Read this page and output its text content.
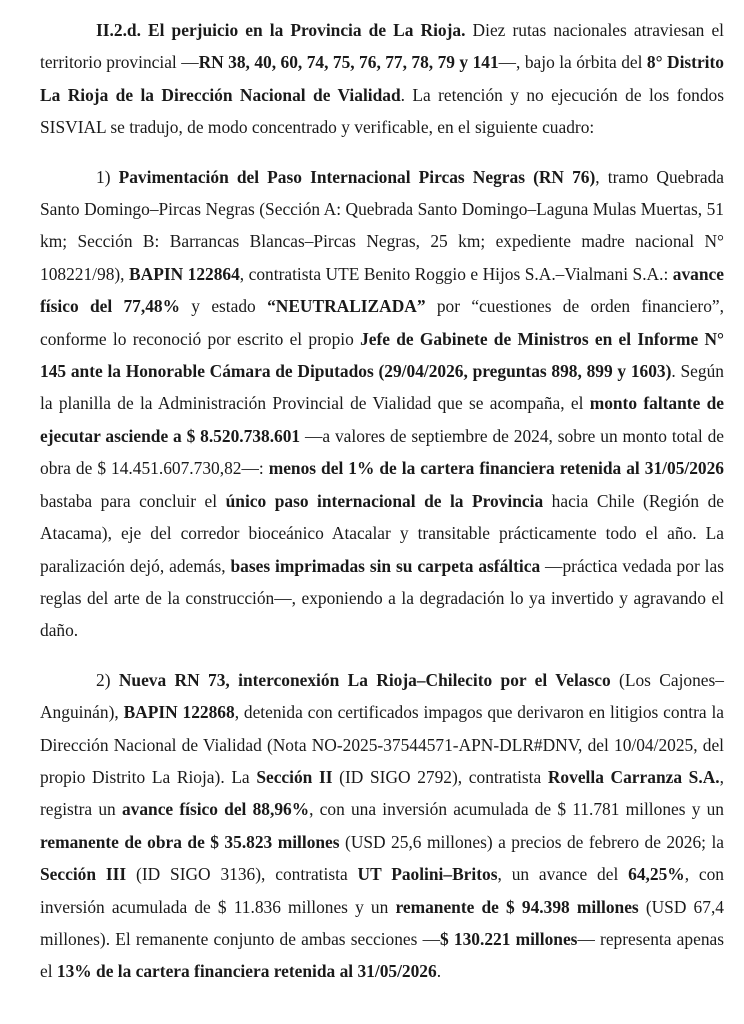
II.2.d. El perjuicio en la Provincia de La Rioja. Diez rutas nacionales atraviesan el territorio provincial —RN 38, 40, 60, 74, 75, 76, 77, 78, 79 y 141—, bajo la órbita del 8° Distrito La Rioja de la Dirección Nacional de Vialidad. La retención y no ejecución de los fondos SISVIAL se tradujo, de modo concentrado y verificable, en el siguiente cuadro:

1) Pavimentación del Paso Internacional Pircas Negras (RN 76), tramo Quebrada Santo Domingo–Pircas Negras (Sección A: Quebrada Santo Domingo–Laguna Mulas Muertas, 51 km; Sección B: Barrancas Blancas–Pircas Negras, 25 km; expediente madre nacional N° 108221/98), BAPIN 122864, contratista UTE Benito Roggio e Hijos S.A.–Vialmani S.A.: avance físico del 77,48% y estado “NEUTRALIZADA” por “cuestiones de orden financiero”, conforme lo reconoció por escrito el propio Jefe de Gabinete de Ministros en el Informe N° 145 ante la Honorable Cámara de Diputados (29/04/2026, preguntas 898, 899 y 1603). Según la planilla de la Administración Provincial de Vialidad que se acompaña, el monto faltante de ejecutar asciende a $ 8.520.738.601 —a valores de septiembre de 2024, sobre un monto total de obra de $ 14.451.607.730,82—: menos del 1% de la cartera financiera retenida al 31/05/2026 bastaba para concluir el único paso internacional de la Provincia hacia Chile (Región de Atacama), eje del corredor bioceánico Atacalar y transitable prácticamente todo el año. La paralización dejó, además, bases imprimadas sin su carpeta asfáltica —práctica vedada por las reglas del arte de la construcción—, exponiendo a la degradación lo ya invertido y agravando el daño.

2) Nueva RN 73, interconexión La Rioja–Chilecito por el Velasco (Los Cajones–Anguinán), BAPIN 122868, detenida con certificados impagos que derivaron en litigios contra la Dirección Nacional de Vialidad (Nota NO-2025-37544571-APN-DLR#DNV, del 10/04/2025, del propio Distrito La Rioja). La Sección II (ID SIGO 2792), contratista Rovella Carranza S.A., registra un avance físico del 88,96%, con una inversión acumulada de $ 11.781 millones y un remanente de obra de $ 35.823 millones (USD 25,6 millones) a precios de febrero de 2026; la Sección III (ID SIGO 3136), contratista UT Paolini–Britos, un avance del 64,25%, con inversión acumulada de $ 11.836 millones y un remanente de $ 94.398 millones (USD 67,4 millones). El remanente conjunto de ambas secciones —$ 130.221 millones— representa apenas el 13% de la cartera financiera retenida al 31/05/2026.
